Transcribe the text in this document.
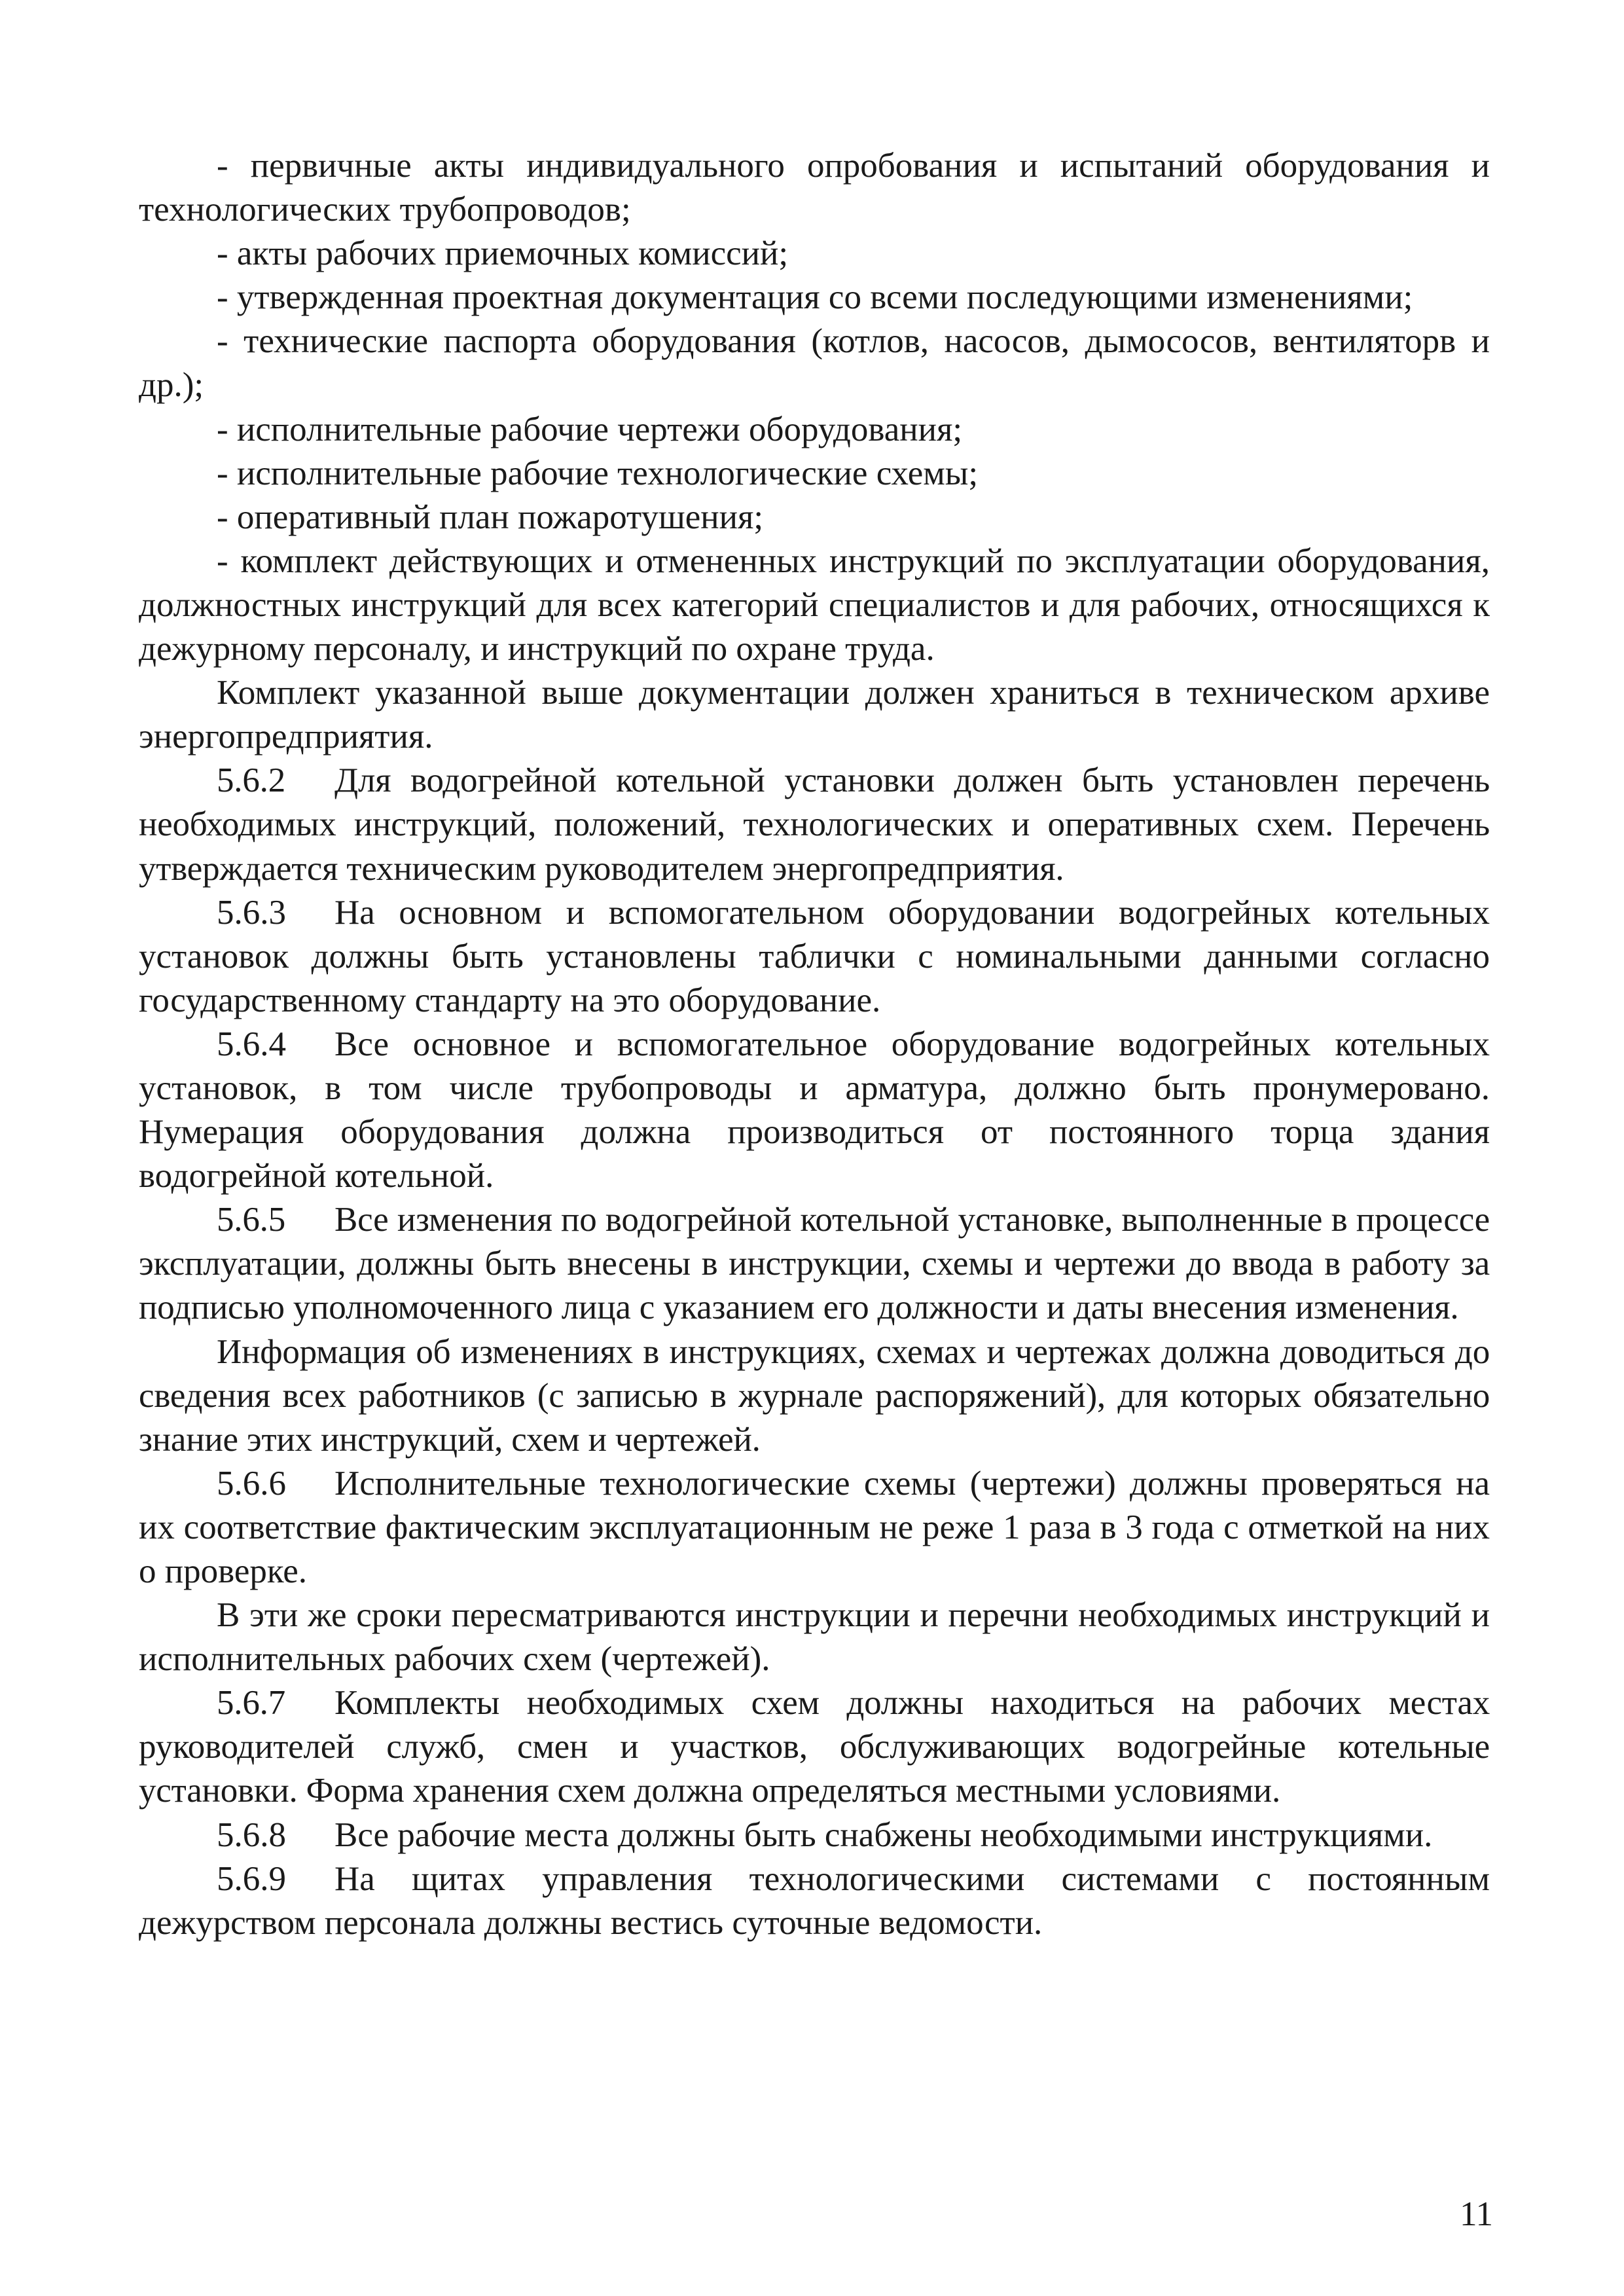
- первичные акты индивидуального опробования и испытаний оборудования и технологических трубопроводов;

- акты рабочих приемочных комиссий;

- утвержденная проектная документация со всеми последующими изменениями;

- технические паспорта оборудования (котлов, насосов, дымососов, вентиляторв и др.);

- исполнительные рабочие чертежи оборудования;

- исполнительные рабочие технологические схемы;

- оперативный план пожаротушения;

- комплект действующих и отмененных инструкций по эксплуатации оборудования, должностных инструкций для всех категорий специалистов и для рабочих, относящихся к дежурному персоналу, и инструкций по охране труда.

Комплект указанной выше документации должен храниться в техническом архиве энергопредприятия.

5.6.2 Для водогрейной котельной установки должен быть установлен перечень необходимых инструкций, положений, технологических и оперативных схем. Перечень утверждается техническим руководителем энергопредприятия.

5.6.3 На основном и вспомогательном оборудовании водогрейных котельных установок должны быть установлены таблички с номинальными данными согласно государственному стандарту на это оборудование.

5.6.4 Все основное и вспомогательное оборудование водогрейных котельных установок, в том числе трубопроводы и арматура, должно быть пронумеровано. Нумерация оборудования должна производиться от постоянного торца здания водогрейной котельной.

5.6.5 Все изменения по водогрейной котельной установке, выполненные в процессе эксплуатации, должны быть внесены в инструкции, схемы и чертежи до ввода в работу за подписью уполномоченного лица с указанием его должности и даты внесения изменения.

Информация об изменениях в инструкциях, схемах и чертежах должна доводиться до сведения всех работников (с записью в журнале распоряжений), для которых обязательно знание этих инструкций, схем и чертежей.

5.6.6 Исполнительные технологические схемы (чертежи) должны проверяться на их соответствие фактическим эксплуатационным не реже 1 раза в 3 года с отметкой на них о проверке.

В эти же сроки пересматриваются инструкции и перечни необходимых инструкций и исполнительных рабочих схем (чертежей).

5.6.7 Комплекты необходимых схем должны находиться на рабочих местах руководителей служб, смен и участков, обслуживающих водогрейные котельные установки. Форма хранения схем должна определяться местными условиями.

5.6.8 Все рабочие места должны быть снабжены необходимыми инструкциями.

5.6.9 На щитах управления технологическими системами с постоянным дежурством персонала должны вестись суточные ведомости.

11
